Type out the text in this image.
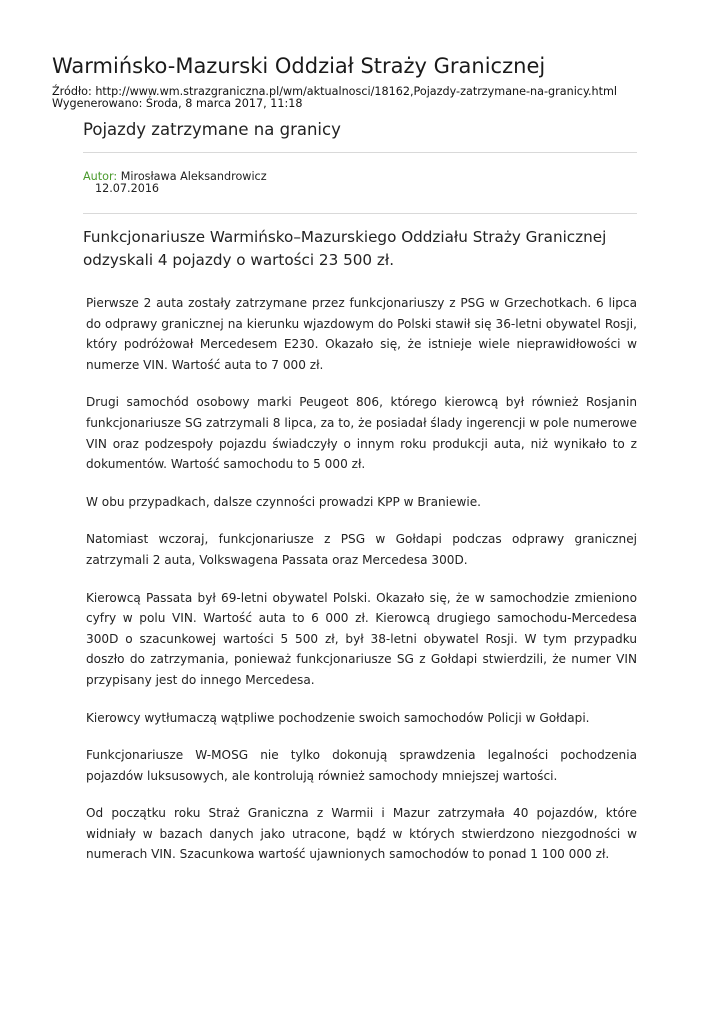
Warmińsko-Mazurski Oddział Straży Granicznej
Źródło: http://www.wm.strazgraniczna.pl/wm/aktualnosci/18162,Pojazdy-zatrzymane-na-granicy.html
Wygenerowano: Środa, 8 marca 2017, 11:18
Pojazdy zatrzymane na granicy
Autor: Mirosława Aleksandrowicz
12.07.2016
Funkcjonariusze Warmińsko–Mazurskiego Oddziału Straży Granicznej odzyskali 4 pojazdy o wartości 23 500 zł.

Pierwsze 2 auta zostały zatrzymane przez funkcjonariuszy z PSG w Grzechotkach. 6 lipca do odprawy granicznej na kierunku wjazdowym do Polski stawił się 36-letni obywatel Rosji, który podróżował Mercedesem E230. Okazało się, że istnieje wiele nieprawidłowości w numerze VIN. Wartość auta to 7 000 zł.

Drugi samochód osobowy marki Peugeot 806, którego kierowcą był również Rosjanin funkcjonariusze SG zatrzymali 8 lipca, za to, że posiadał ślady ingerencji w pole numerowe VIN oraz podzespoły pojazdu świadczyły o innym roku produkcji auta, niż wynikało to z dokumentów. Wartość samochodu to 5 000 zł.

W obu przypadkach, dalsze czynności prowadzi KPP w Braniewie.

Natomiast wczoraj, funkcjonariusze z PSG w Gołdapi podczas odprawy granicznej zatrzymali 2 auta, Volkswagena Passata oraz Mercedesa 300D.

Kierowcą Passata był 69-letni obywatel Polski. Okazało się, że w samochodzie zmieniono cyfry w polu VIN. Wartość auta to 6 000 zł. Kierowcą drugiego samochodu-Mercedesa 300D o szacunkowej wartości 5 500 zł, był 38-letni obywatel Rosji. W tym przypadku doszło do zatrzymania, ponieważ funkcjonariusze SG z Gołdapi stwierdzili, że numer VIN przypisany jest do innego Mercedesa.

Kierowcy wytłumaczą wątpliwe pochodzenie swoich samochodów Policji w Gołdapi.

Funkcjonariusze W-MOSG nie tylko dokonują sprawdzenia legalności pochodzenia pojazdów luksusowych, ale kontrolują również samochody mniejszej wartości.

Od początku roku Straż Graniczna z Warmii i Mazur zatrzymała 40 pojazdów, które widniały w bazach danych jako utracone, bądź w których stwierdzono niezgodności w numerach VIN. Szacunkowa wartość ujawnionych samochodów to ponad 1 100 000 zł.
